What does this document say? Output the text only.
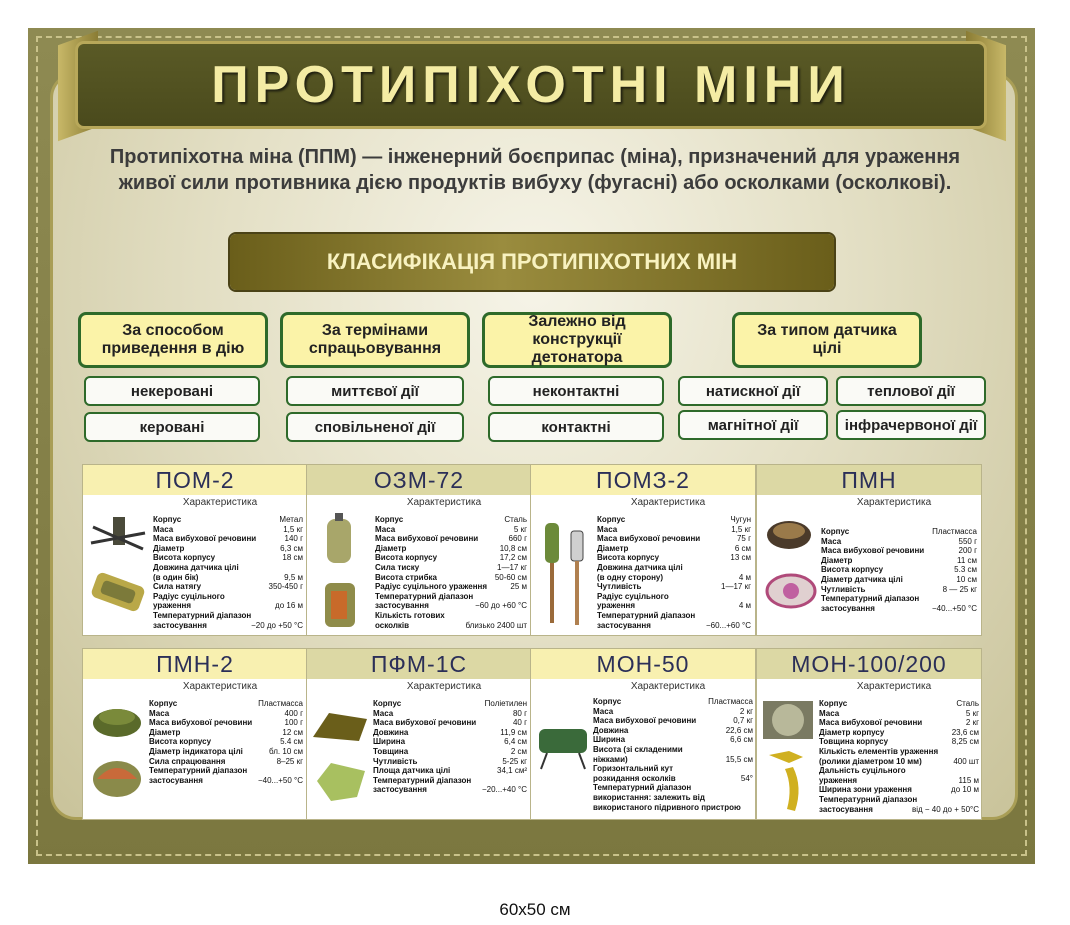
ПРОТИПІХОТНІ МІНИ
Протипіхотна міна (ППМ) — інженерний боєприпас (міна), призначений для ураження живої сили противника дією продуктів вибуху (фугасні) або осколками (осколкові).
КЛАСИФІКАЦІЯ ПРОТИПІХОТНИХ МІН
За способом приведення в дію
За термінами спрацьовування
Залежно від конструкції детонатора
За типом датчика цілі
некеровані
керовані
миттєвої дії
сповільненої дії
неконтактні
контактні
натискної дії
магнітної дії
теплової дії
інфрачервоної дії
ПОМ-2
Характеристика
Корпус	Метал
Маса	1,5 кг
Маса вибухової речовини	140 г
Діаметр	6,3 см
Висота корпусу	18 см
Довжина датчика цілі
(в один бік)	9,5 м
Сила натягу	350-450 г
Радіус суцільного
ураження	до 16 м
Температурний діапазон
застосування	−20 до +50 °С
ОЗМ-72
Характеристика
Корпус	Сталь
Маса	5 кг
Маса вибухової речовини	660 г
Діаметр	10,8 см
Висота корпусу	17,2 см
Сила тиску	1—17 кг
Висота стрибка	50-60 см
Радіус суцільного ураження	25 м
Температурний діапазон
застосування	−60 до +60 °С
Кількість готових
осколків	близько 2400 шт
ПОМЗ-2
Характеристика
Корпус	Чугун
Маса	1,5 кг
Маса вибухової речовини	75 г
Діаметр	6 см
Висота корпусу	13 см
Довжина датчика цілі
(в одну сторону)	4 м
Чутливість	1—17 кг
Радіус суцільного
ураження	4 м
Температурний діапазон
застосування	−60...+60 °С
ПМН
Характеристика
Корпус	Пластмасса
Маса	550 г
Маса вибухової речовини	200 г
Діаметр	11 см
Висота корпусу	5.3 см
Діаметр датчика цілі	10 см
Чутливість	8 — 25 кг
Температурний діапазон
застосування	−40...+50 °С
ПМН-2
Характеристика
Корпус	Пластмасса
Маса	400 г
Маса вибухової речовини	100 г
Діаметр	12 см
Висота корпусу	5.4 см
Діаметр індикатора цілі	бл. 10 см
Сила спрацювання	8–25 кг
Температурний діапазон
застосування	−40...+50 °С
ПФМ-1С
Характеристика
Корпус	Поліетилен
Маса	80 г
Маса вибухової речовини	40 г
Довжина	11,9 см
Ширина	6,4 см
Товщина	2 см
Чутливість	5-25 кг
Площа датчика цілі	34,1 см²
Температурний діапазон
застосування	−20...+40 °С
МОН-50
Характеристика
Корпус	Пластмасса
Маса	2 кг
Маса вибухової речовини	0,7 кг
Довжина	22,6 см
Ширина	6,6 см
Висота (зі складеними
ніжками)	15,5 см
Горизонтальний кут
розкидання осколків	54°
Температурний діапазон
використання: залежить від
використаного підривного пристрою
МОН-100/200
Характеристика
Корпус	Сталь
Маса	5 кг
Маса вибухової речовини	2 кг
Діаметр корпусу	23,6 см
Товщина корпусу	8,25 см
Кількість елементів ураження
(ролики діаметром 10 мм)	400 шт
Дальність суцільного
ураження	115 м
Ширина зони ураження	до 10 м
Температурний діапазон
застосування	від − 40 до + 50°С
60х50 см
